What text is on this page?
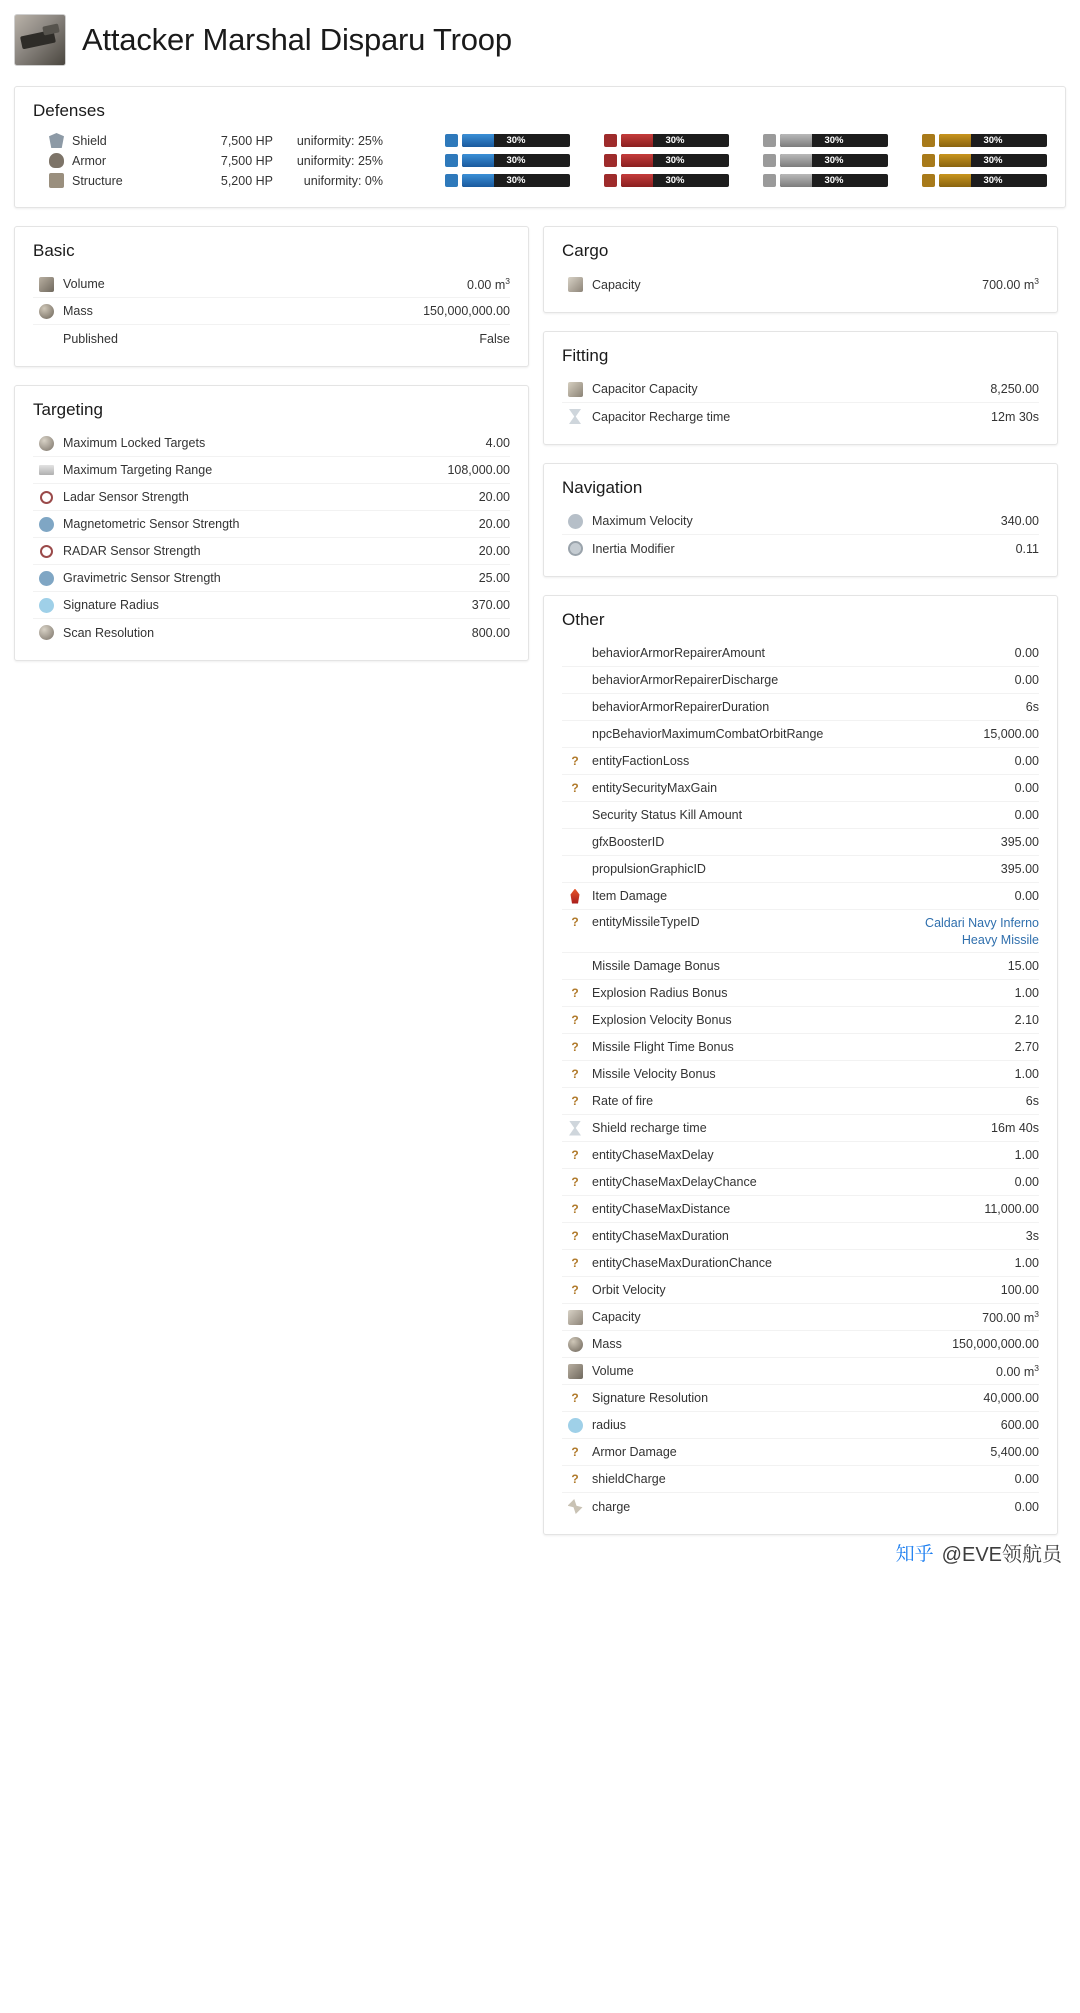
Attacker Marshal Disparu Troop
Defenses
Shield	7,500 HP	uniformity: 25%	30%	30%	30%	30%
Armor	7,500 HP	uniformity: 25%	30%	30%	30%	30%
Structure	5,200 HP	uniformity: 0%	30%	30%	30%	30%
Basic
Volume	0.00 $m^3$
Mass	150,000,000.00
Published	False
Targeting
Maximum Locked Targets	4.00
Maximum Targeting Range	108,000.00
Ladar Sensor Strength	20.00
Magnetometric Sensor Strength	20.00
RADAR Sensor Strength	20.00
Gravimetric Sensor Strength	25.00
Signature Radius	370.00
Scan Resolution	800.00
Cargo
Capacity	700.00 $m^3$
Fitting
Capacitor Capacity	8,250.00
Capacitor Recharge time	12m 30s
Navigation
Maximum Velocity	340.00
Inertia Modifier	0.11
Other
behaviorArmorRepairerAmount	0.00
behaviorArmorRepairerDischarge	0.00
behaviorArmorRepairerDuration	6s
npcBehaviorMaximumCombatOrbitRange	15,000.00
?	entityFactionLoss	0.00
?	entitySecurityMaxGain	0.00
Security Status Kill Amount	0.00
gfxBoosterID	395.00
propulsionGraphicID	395.00
Item Damage	0.00
?	entityMissileTypeID	Caldari Navy Inferno Heavy Missile
Missile Damage Bonus	15.00
?	Explosion Radius Bonus	1.00
?	Explosion Velocity Bonus	2.10
?	Missile Flight Time Bonus	2.70
?	Missile Velocity Bonus	1.00
?	Rate of fire	6s
Shield recharge time	16m 40s
?	entityChaseMaxDelay	1.00
?	entityChaseMaxDelayChance	0.00
?	entityChaseMaxDistance	11,000.00
?	entityChaseMaxDuration	3s
?	entityChaseMaxDurationChance	1.00
?	Orbit Velocity	100.00
Capacity	700.00 $m^3$
Mass	150,000,000.00
Volume	0.00 $m^3$
?	Signature Resolution	40,000.00
radius	600.00
?	Armor Damage	5,400.00
?	shieldCharge	0.00
charge	0.00
知乎 @EVE领航员
